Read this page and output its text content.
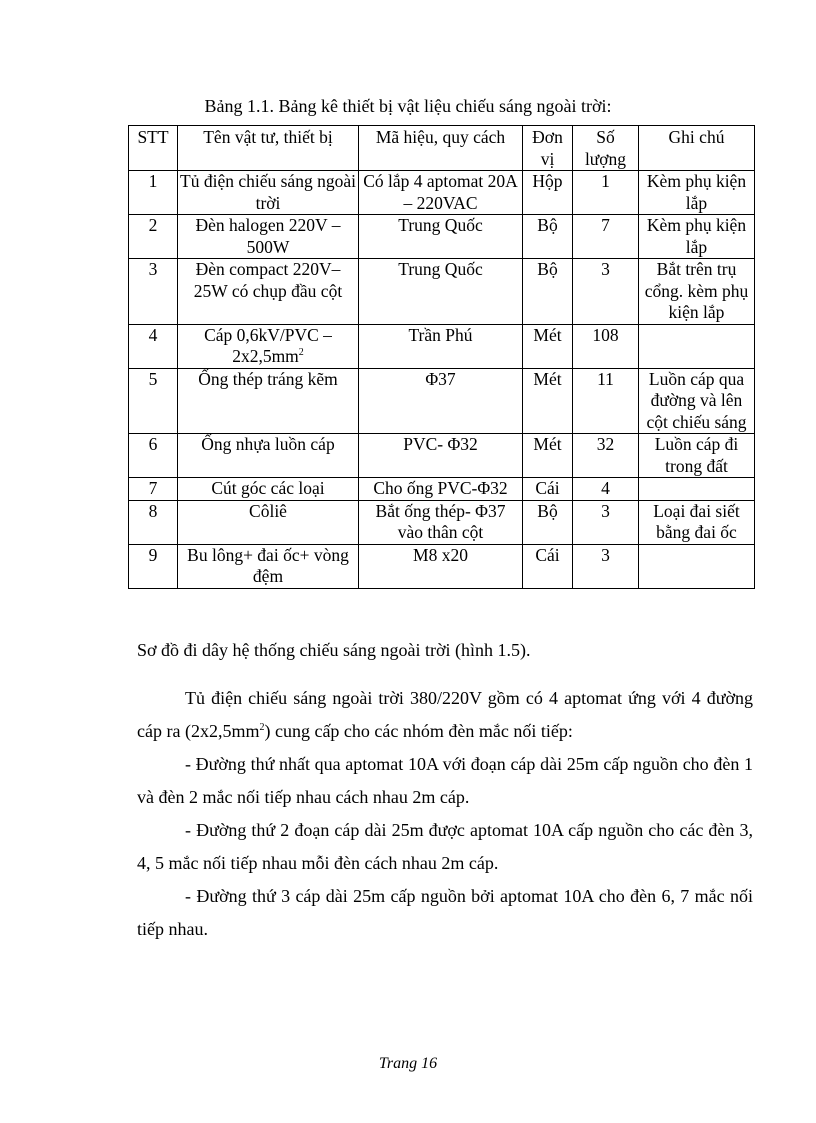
Bảng 1.1. Bảng kê thiết bị vật liệu chiếu sáng ngoài trời:
STT	Tên vật tư, thiết bị	Mã hiệu, quy cách	Đơn vị	Số lượng	Ghi chú
1	Tủ điện chiếu sáng ngoài trời	Có lắp 4 aptomat 20A – 220VAC	Hộp	1	Kèm phụ kiện lắp
2	Đèn halogen 220V – 500W	Trung Quốc	Bộ	7	Kèm phụ kiện lắp
3	Đèn compact 220V–25W có chụp đầu cột	Trung Quốc	Bộ	3	Bắt trên trụ cổng. kèm phụ kiện lắp
4	Cáp $0,6kV/PVC - 2x2,5mm^2$	Trần Phú	Mét	108	
5	Ống thép tráng kẽm	Φ37	Mét	11	Luồn cáp qua đường và lên cột chiếu sáng
6	Ống nhựa luồn cáp	PVC- Φ32	Mét	32	Luồn cáp đi trong đất
7	Cút góc các loại	Cho ống PVC-Φ32	Cái	4	
8	Côliê	Bắt ống thép- Φ37 vào thân cột	Bộ	3	Loại đai siết bằng đai ốc
9	Bu lông+ đai ốc+ vòng đệm	M8 x20	Cái	3	

Sơ đồ đi dây hệ thống chiếu sáng ngoài trời (hình 1.5).

Tủ điện chiếu sáng ngoài trời 380/220V gồm có 4 aptomat ứng với 4 đường cáp ra $(2x2,5mm^2)$ cung cấp cho các nhóm đèn mắc nối tiếp:

- Đường thứ nhất qua aptomat 10A với đoạn cáp dài 25m cấp nguồn cho đèn 1 và đèn 2 mắc nối tiếp nhau cách nhau 2m cáp.

- Đường thứ 2 đoạn cáp dài 25m được aptomat 10A cấp nguồn cho các đèn 3, 4, 5 mắc nối tiếp nhau mỗi đèn cách nhau 2m cáp.

- Đường thứ 3 cáp dài 25m cấp nguồn bởi aptomat 10A cho đèn 6, 7 mắc nối tiếp nhau.

Trang 16
